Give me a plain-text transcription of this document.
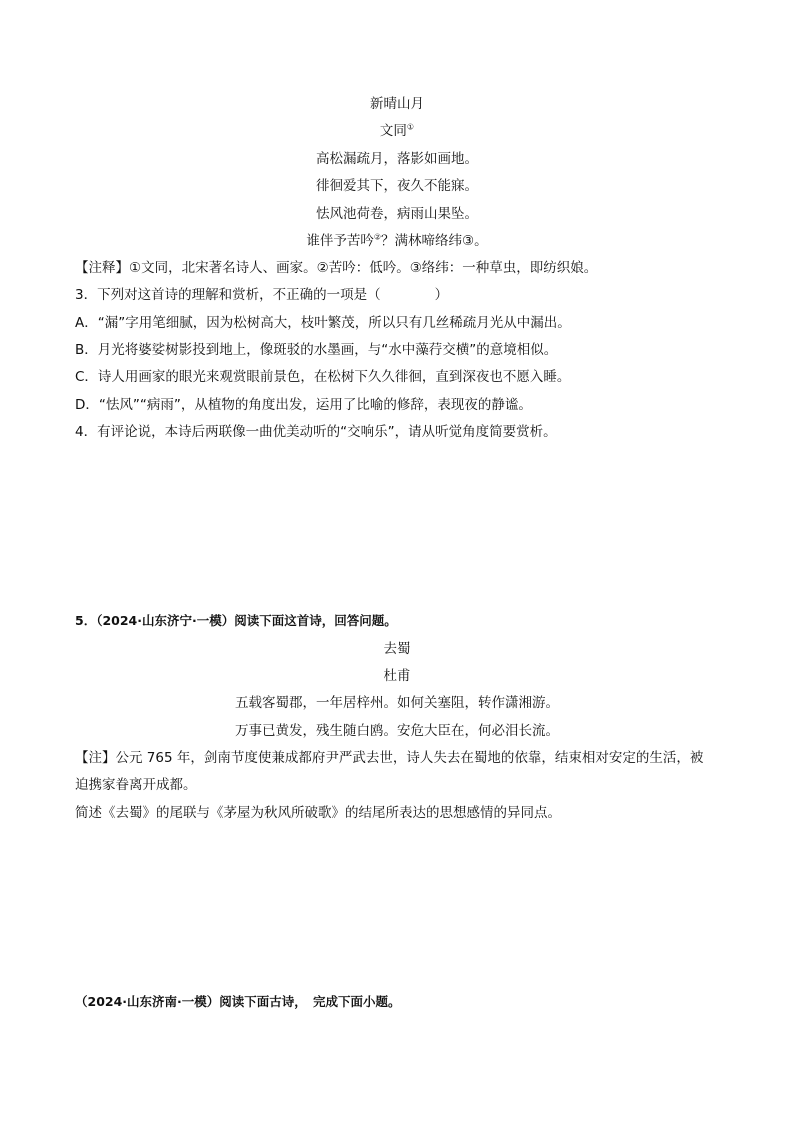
新晴山月
文同①
高松漏疏月，落影如画地。
徘徊爱其下，夜久不能寐。
怯风池荷卷，病雨山果坠。
谁伴予苦吟②？满林啼络纬③。
【注释】①文同，北宋著名诗人、画家。②苦吟：低吟。③络纬：一种草虫，即纺织娘。
3．下列对这首诗的理解和赏析，不正确的一项是（　　　　）
A．“漏”字用笔细腻，因为松树高大，枝叶繁茂，所以只有几丝稀疏月光从中漏出。
B．月光将婆娑树影投到地上，像斑驳的水墨画，与“水中藻荇交横”的意境相似。
C．诗人用画家的眼光来观赏眼前景色，在松树下久久徘徊，直到深夜也不愿入睡。
D．“怯风”“病雨”，从植物的角度出发，运用了比喻的修辞，表现夜的静谧。
4．有评论说，本诗后两联像一曲优美动听的“交响乐”，请从听觉角度简要赏析。
5．（2024·山东济宁·一模）阅读下面这首诗，回答问题。
去蜀
杜甫
五载客蜀郡，一年居梓州。如何关塞阻，转作潇湘游。
万事已黄发，残生随白鸥。安危大臣在，何必泪长流。
【注】公元 765 年，剑南节度使兼成都府尹严武去世，诗人失去在蜀地的依靠，结束相对安定的生活，被
迫携家眷离开成都。
简述《去蜀》的尾联与《茅屋为秋风所破歌》的结尾所表达的思想感情的异同点。
（2024·山东济南·一模）阅读下面古诗，　完成下面小题。
